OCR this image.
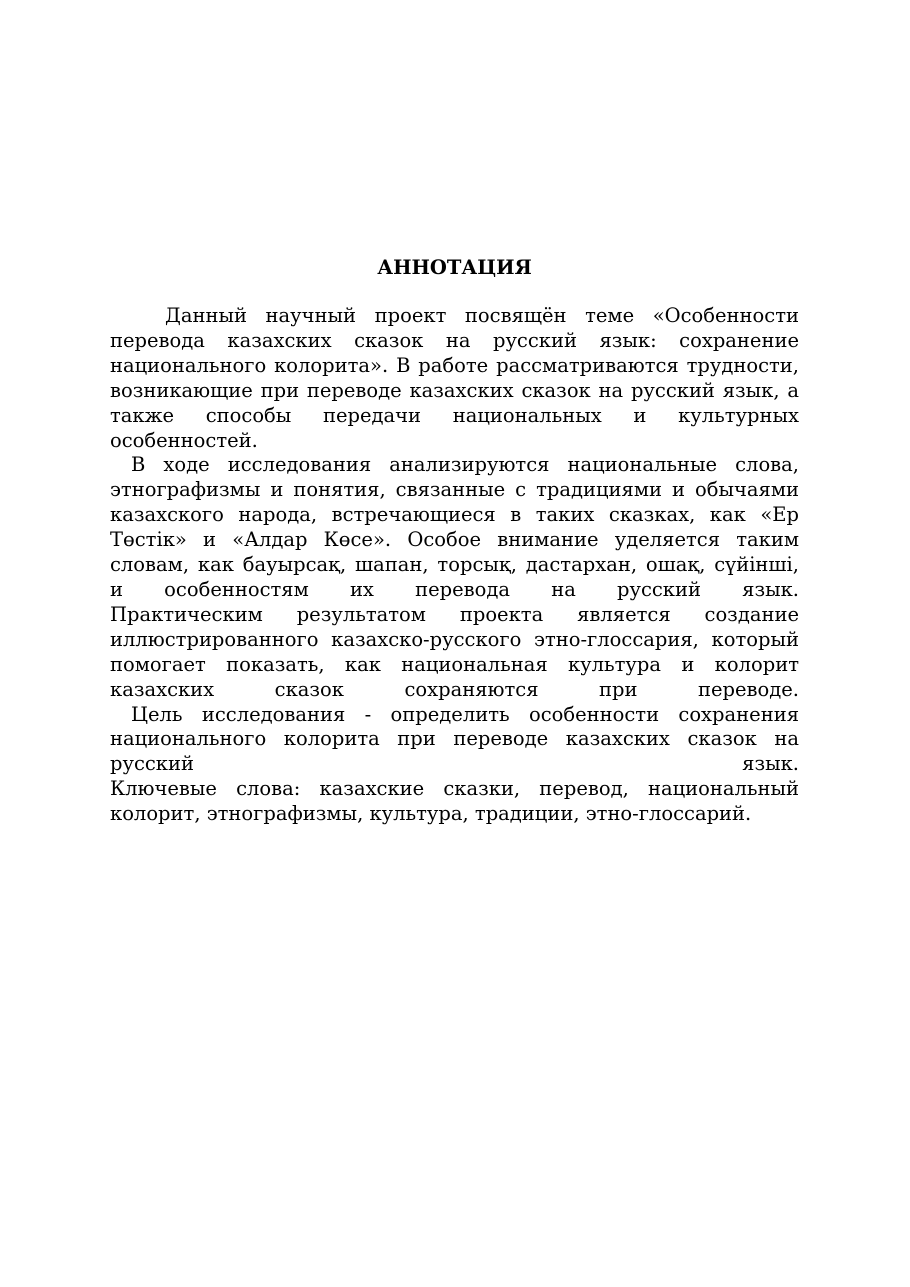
АННОТАЦИЯ

Данный научный проект посвящён теме «Особенности перевода казахских сказок на русский язык: сохранение национального колорита». В работе рассматриваются трудности, возникающие при переводе казахских сказок на русский язык, а также способы передачи национальных и культурных особенностей.

В ходе исследования анализируются национальные слова, этнографизмы и понятия, связанные с традициями и обычаями казахского народа, встречающиеся в таких сказках, как «Ер Төстік» и «Алдар Көсе». Особое внимание уделяется таким словам, как бауырсақ, шапан, торсық, дастархан, ошақ, сүйінші, и особенностям их перевода на русский язык.

Практическим результатом проекта является создание иллюстрированного казахско-русского этно-глоссария, который помогает показать, как национальная культура и колорит казахских сказок сохраняются при переводе.

Цель исследования - определить особенности сохранения национального колорита при переводе казахских сказок на русский язык.

Ключевые слова: казахские сказки, перевод, национальный колорит, этнографизмы, культура, традиции, этно-глоссарий.
